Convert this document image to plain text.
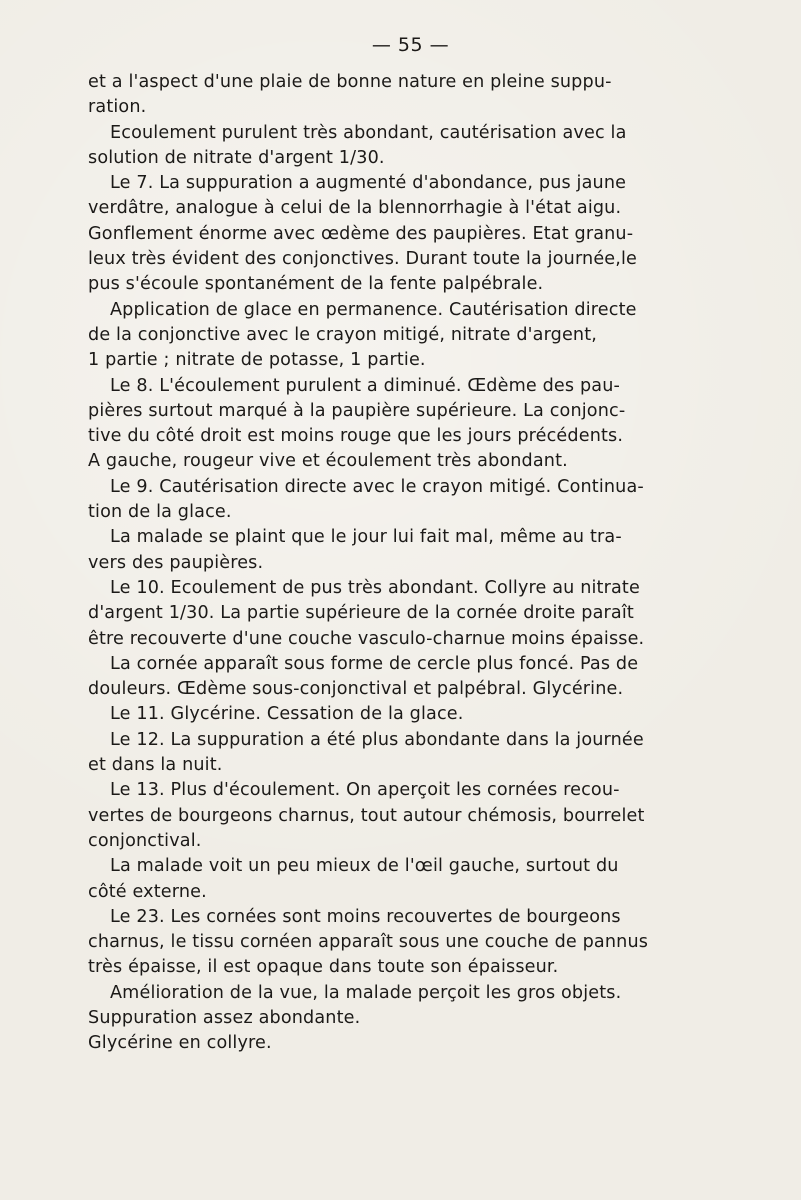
— 55 —

et a l'aspect d'une plaie de bonne nature en pleine suppu-
ration.

Ecoulement purulent très abondant, cautérisation avec la
solution de nitrate d'argent 1/30.

Le 7. La suppuration a augmenté d'abondance, pus jaune
verdâtre, analogue à celui de la blennorrhagie à l'état aigu.
Gonflement énorme avec œdème des paupières. Etat granu-
leux très évident des conjonctives. Durant toute la journée,le
pus s'écoule spontanément de la fente palpébrale.

Application de glace en permanence. Cautérisation directe
de la conjonctive avec le crayon mitigé, nitrate d'argent,
1 partie ; nitrate de potasse, 1 partie.

Le 8. L'écoulement purulent a diminué. Œdème des pau-
pières surtout marqué à la paupière supérieure. La conjonc-
tive du côté droit est moins rouge que les jours précédents.
A gauche, rougeur vive et écoulement très abondant.

Le 9. Cautérisation directe avec le crayon mitigé. Continua-
tion de la glace.

La malade se plaint que le jour lui fait mal, même au tra-
vers des paupières.

Le 10. Ecoulement de pus très abondant. Collyre au nitrate
d'argent 1/30. La partie supérieure de la cornée droite paraît
être recouverte d'une couche vasculo-charnue moins épaisse.

La cornée apparaît sous forme de cercle plus foncé. Pas de
douleurs. Œdème sous-conjonctival et palpébral. Glycérine.

Le 11. Glycérine. Cessation de la glace.

Le 12. La suppuration a été plus abondante dans la journée
et dans la nuit.

Le 13. Plus d'écoulement. On aperçoit les cornées recou-
vertes de bourgeons charnus, tout autour chémosis, bourrelet
conjonctival.

La malade voit un peu mieux de l'œil gauche, surtout du
côté externe.

Le 23. Les cornées sont moins recouvertes de bourgeons
charnus, le tissu cornéen apparaît sous une couche de pannus
très épaisse, il est opaque dans toute son épaisseur.

Amélioration de la vue, la malade perçoit les gros objets.
Suppuration assez abondante.
Glycérine en collyre.
